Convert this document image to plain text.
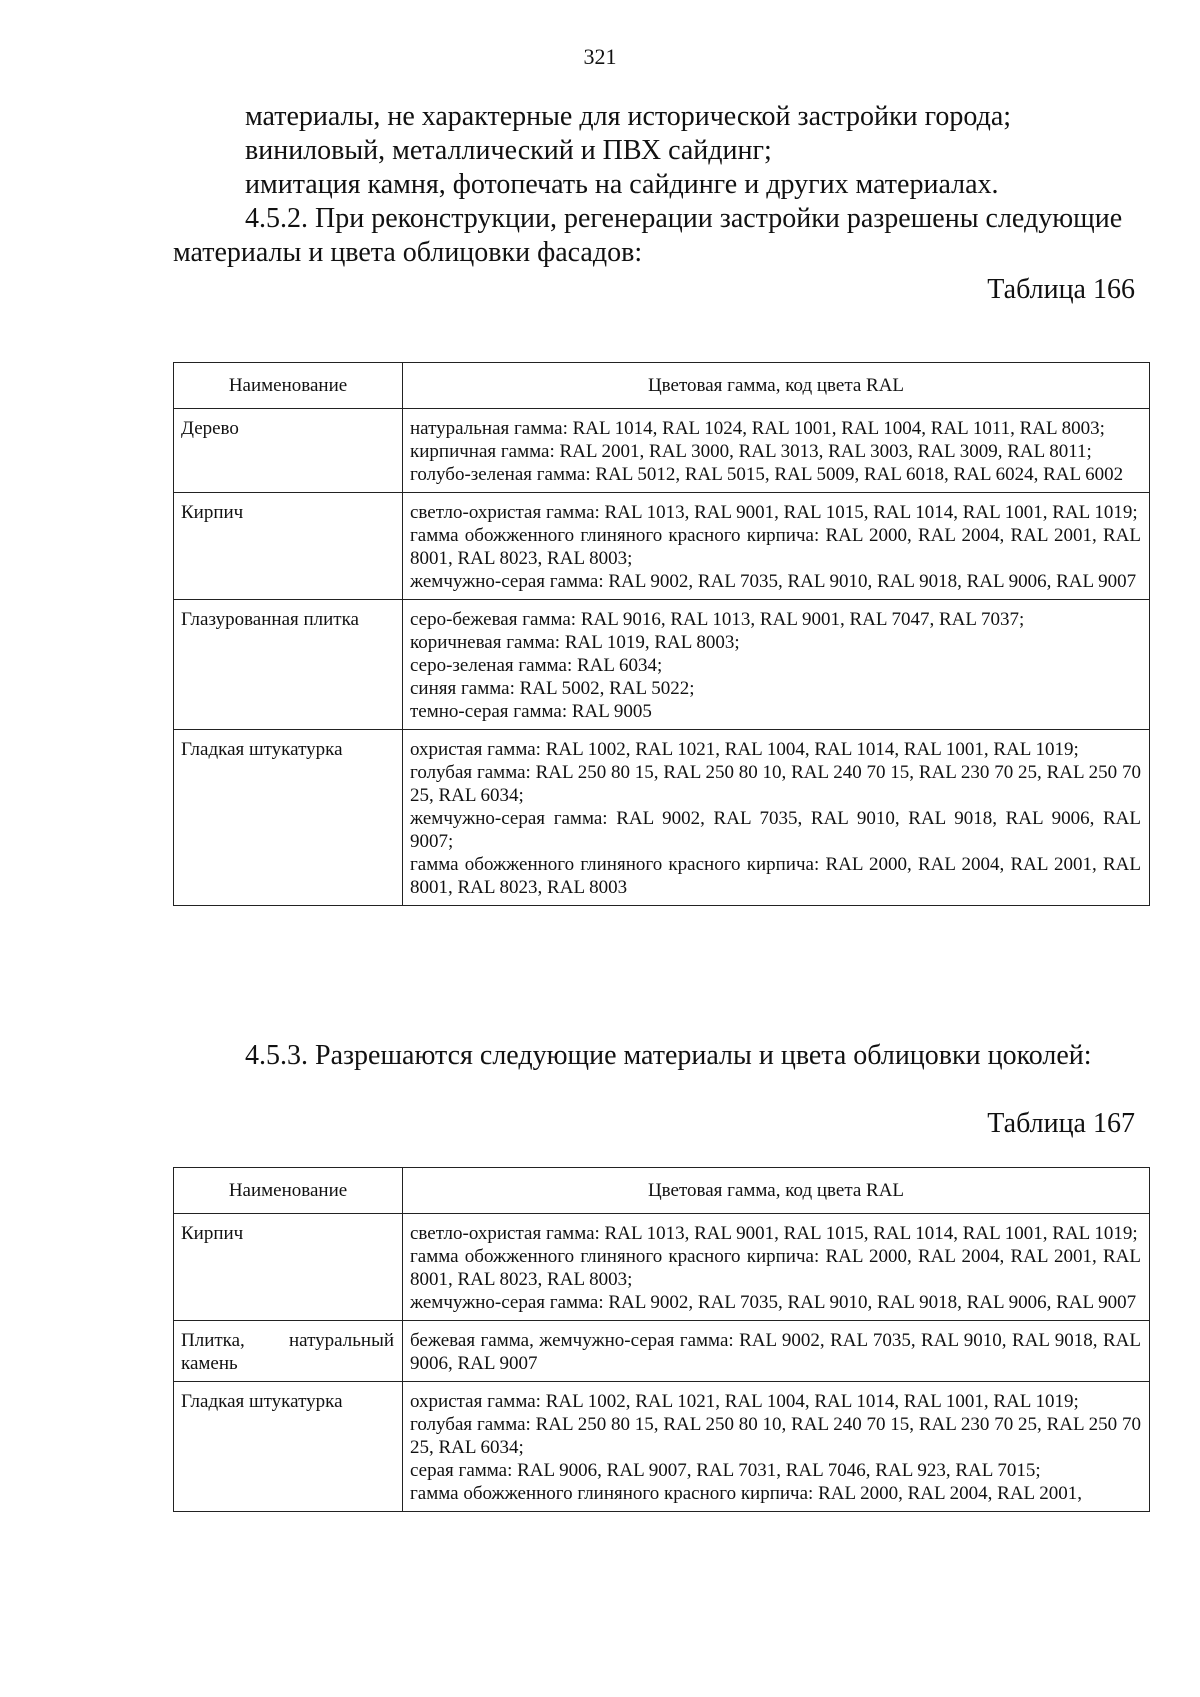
321

материалы, не характерные для исторической застройки города;

виниловый, металлический и ПВХ сайдинг;

имитация камня, фотопечать на сайдинге и других материалах.

4.5.2. При реконструкции, регенерации застройки разрешены следующие

материалы и цвета облицовки фасадов:

Таблица 166
Наименование	Цветовая гамма, код цвета RAL
Дерево	натуральная гамма: RAL 1014, RAL 1024, RAL 1001, RAL 1004, RAL 1011, RAL 8003;
кирпичная гамма: RAL 2001, RAL 3000, RAL 3013, RAL 3003, RAL 3009, RAL 8011;
голубо-зеленая гамма: RAL 5012, RAL 5015, RAL 5009, RAL 6018, RAL 6024, RAL 6002
Кирпич	светло-охристая гамма: RAL 1013, RAL 9001, RAL 1015, RAL 1014, RAL 1001, RAL 1019;
гамма обожженного глиняного красного кирпича: RAL 2000, RAL 2004, RAL 2001, RAL 8001, RAL 8023, RAL 8003;
жемчужно-серая гамма: RAL 9002, RAL 7035, RAL 9010, RAL 9018, RAL 9006, RAL 9007
Глазурованная плитка	серо-бежевая гамма: RAL 9016, RAL 1013, RAL 9001, RAL 7047, RAL 7037;
коричневая гамма: RAL 1019, RAL 8003;
серо-зеленая гамма: RAL 6034;
синяя гамма: RAL 5002, RAL 5022;
темно-серая гамма: RAL 9005
Гладкая штукатурка	охристая гамма: RAL 1002, RAL 1021, RAL 1004, RAL 1014, RAL 1001, RAL 1019;
голубая гамма: RAL 250 80 15, RAL 250 80 10, RAL 240 70 15, RAL 230 70 25, RAL 250 70 25, RAL 6034;
жемчужно-серая гамма: RAL 9002, RAL 7035, RAL 9010, RAL 9018, RAL 9006, RAL 9007;
гамма обожженного глиняного красного кирпича: RAL 2000, RAL 2004, RAL 2001, RAL 8001, RAL 8023, RAL 8003
4.5.3. Разрешаются следующие материалы и цвета облицовки цоколей:
Таблица 167
Наименование	Цветовая гамма, код цвета RAL
Кирпич	светло-охристая гамма: RAL 1013, RAL 9001, RAL 1015, RAL 1014, RAL 1001, RAL 1019;
гамма обожженного глиняного красного кирпича: RAL 2000, RAL 2004, RAL 2001, RAL 8001, RAL 8023, RAL 8003;
жемчужно-серая гамма: RAL 9002, RAL 7035, RAL 9010, RAL 9018, RAL 9006, RAL 9007
Плитка, натуральный камень	бежевая гамма, жемчужно-серая гамма: RAL 9002, RAL 7035, RAL 9010, RAL 9018, RAL 9006, RAL 9007
Гладкая штукатурка	охристая гамма: RAL 1002, RAL 1021, RAL 1004, RAL 1014, RAL 1001, RAL 1019;
голубая гамма: RAL 250 80 15, RAL 250 80 10, RAL 240 70 15, RAL 230 70 25, RAL 250 70 25, RAL 6034;
серая гамма: RAL 9006, RAL 9007, RAL 7031, RAL 7046, RAL 923, RAL 7015;
гамма обожженного глиняного красного кирпича: RAL 2000, RAL 2004, RAL 2001,
